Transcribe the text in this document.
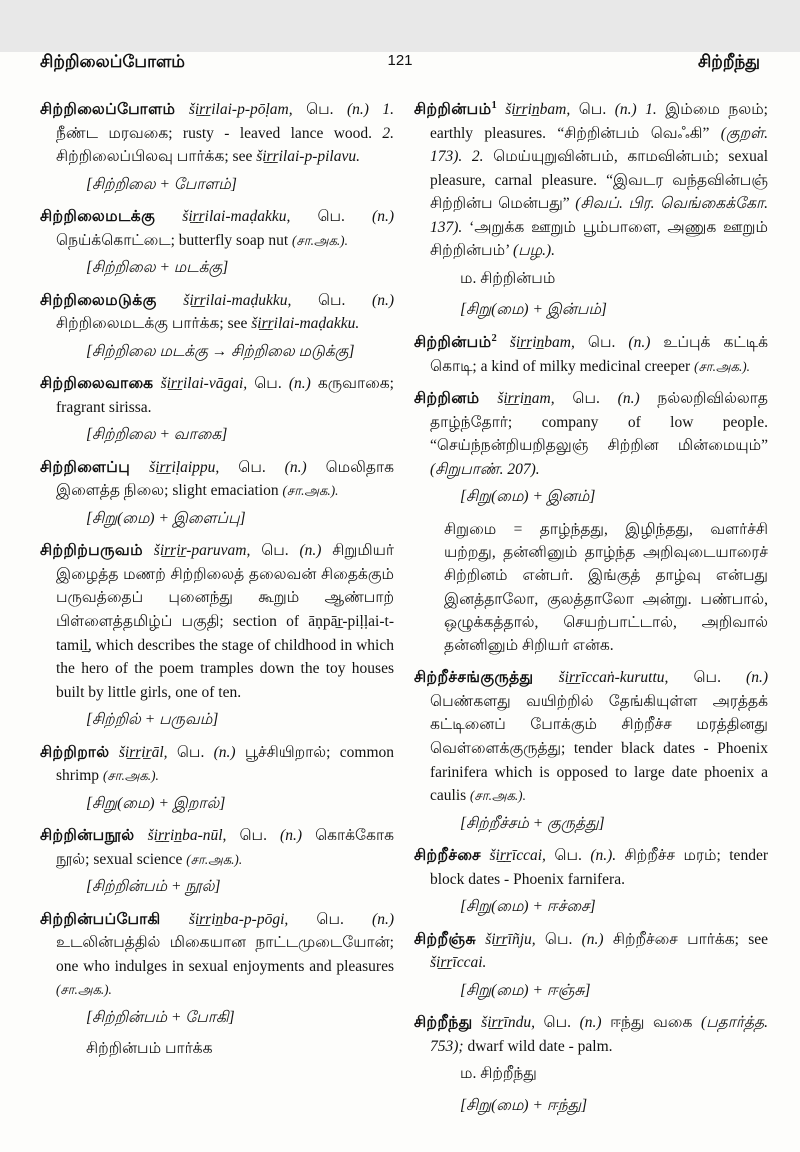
சிற்றிலைப்போளம்	121	சிற்றீந்து

சிற்றிலைப்போளம் šir̲r̲ilai-p-pōḷam, பெ. (n.) 1. நீண்ட மரவகை; rusty - leaved lance wood. 2. சிற்றிலைப்பிலவு பார்க்க; see šir̲r̲ilai-p-pilavu.

[சிற்றிலை + போளம்]

சிற்றிலைமடக்கு šir̲r̲ilai-maḍakku, பெ. (n.) நெய்க்கொட்டை; butterfly soap nut (சா.அக.).

[சிற்றிலை + மடக்கு]

சிற்றிலைமடுக்கு šir̲r̲ilai-maḍukku, பெ. (n.) சிற்றிலைமடக்கு பார்க்க; see šir̲r̲ilai-maḍakku.

[சிற்றிலை மடக்கு → சிற்றிலை மடுக்கு]

சிற்றிலைவாகை šir̲r̲ilai-vāgai, பெ. (n.) கருவாகை; fragrant sirissa.

[சிற்றிலை + வாகை]

சிற்றிளைப்பு šir̲r̲iḷaippu, பெ. (n.) மெலிதாக இளைத்த நிலை; slight emaciation (சா.அக.).

[சிறு(மை) + இளைப்பு]

சிற்றிற்பருவம் šir̲r̲ir̲-paruvam, பெ. (n.) சிறுமியர் இழைத்த மணற் சிற்றிலைத் தலைவன் சிதைக்கும் பருவத்தைப் புனைந்து கூறும் ஆண்பாற் பிள்ளைத்தமிழ்ப் பகுதி; section of āṇpār̲-piḷḷai-t-tamil̲, which describes the stage of childhood in which the hero of the poem tramples down the toy houses built by little girls, one of ten.

[சிற்றில் + பருவம்]

சிற்றிறால் šir̲r̲ir̲āl, பெ. (n.) பூச்சியிறால்; common shrimp (சா.அக.).

[சிறு(மை) + இறால்]

சிற்றின்பநூல் šir̲r̲in̲ba-nūl, பெ. (n.) கொக்கோக நூல்; sexual science (சா.அக.).

[சிற்றின்பம் + நூல்]

சிற்றின்பப்போகி šir̲r̲in̲ba-p-pōgi, பெ. (n.) உடலின்பத்தில் மிகையான நாட்டமுடையோன்; one who indulges in sexual enjoyments and pleasures (சா.அக.).

[சிற்றின்பம் + போகி]

சிற்றின்பம் பார்க்க

சிற்றின்பம்$^1$ šir̲r̲in̲bam, பெ. (n.) 1. இம்மை நலம்; earthly pleasures. “சிற்றின்பம் வெஃகி” (குறள். 173). 2. மெய்யுறுவின்பம், காமவின்பம்; sexual pleasure, carnal pleasure. “இவடர வந்தவின்பஞ் சிற்றின்ப மென்பது” (சிவப். பிர. வெங்கைக்கோ. 137). ‘அறுக்க ஊறும் பூம்பாளை, அணுக ஊறும் சிற்றின்பம்’ (பழ.).

ம. சிற்றின்பம்

[சிறு(மை) + இன்பம்]

சிற்றின்பம்$^2$ šir̲r̲in̲bam, பெ. (n.) உப்புக் கட்டிக் கொடி; a kind of milky medicinal creeper (சா.அக.).

சிற்றினம் šir̲r̲in̲am, பெ. (n.) நல்லறிவில்லாத தாழ்ந்தோர்; company of low people. “செய்ந்நன்றியறிதலுஞ் சிற்றின மின்மையும்” (சிறுபாண். 207).

[சிறு(மை) + இனம்]

சிறுமை = தாழ்ந்தது, இழிந்தது, வளர்ச்சி யற்றது, தன்னினும் தாழ்ந்த அறிவுடையாரைச் சிற்றினம் என்பர். இங்குத் தாழ்வு என்பது இனத்தாலோ, குலத்தாலோ அன்று. பண்பால், ஒழுக்கத்தால், செயற்பாட்டால், அறிவால் தன்னினும் சிறியர் என்க.

சிற்றீச்சங்குருத்து šir̲r̲īccaṅ-kuruttu, பெ. (n.) பெண்களது வயிற்றில் தேங்கியுள்ள அரத்தக் கட்டினைப் போக்கும் சிற்றீச்ச மரத்தினது வெள்ளைக்குருத்து; tender black dates - Phoenix farinifera which is opposed to large date phoenix a caulis (சா.அக.).

[சிற்றீச்சம் + குருத்து]

சிற்றீச்சை šir̲r̲īccai, பெ. (n.). சிற்றீச்ச மரம்; tender block dates - Phoenix farnifera.

[சிறு(மை) + ஈச்சை]

சிற்றீஞ்சு šir̲r̲īñju, பெ. (n.) சிற்றீச்சை பார்க்க; see šir̲r̲īccai.

[சிறு(மை) + ஈஞ்சு]

சிற்றீந்து šir̲r̲īndu, பெ. (n.) ஈந்து வகை (பதார்த்த. 753); dwarf wild date - palm.

ம. சிற்றீந்து

[சிறு(மை) + ஈந்து]
